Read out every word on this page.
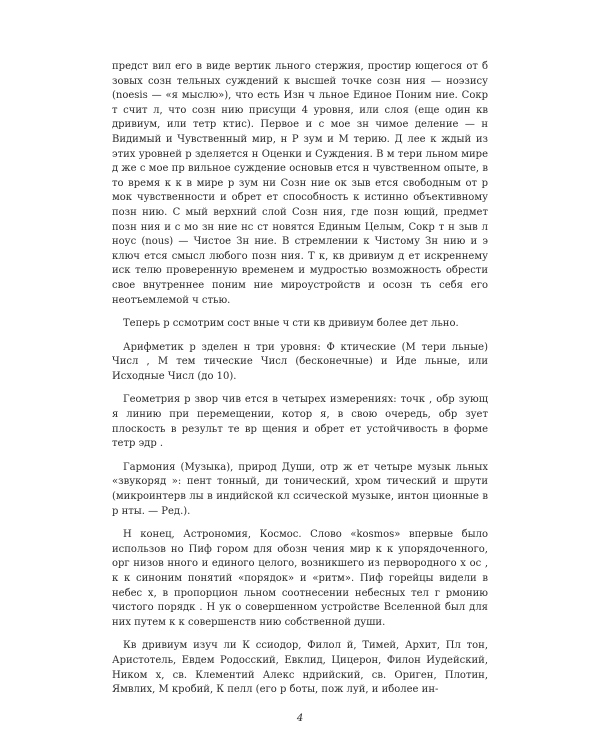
предст вил его в виде вертик льного стержия, простир ющегося от б зовых созн тельных суждений к высшей точке созн ния — ноэзису (noesis — «я мыслю»), что есть Изн ч льное Единое Поним ние. Сокр т счит л, что созн нию присущи 4 уровня, или слоя (еще один кв дривиум, или тетр ктис). Первое и с мое зн чимое деление — н Видимый и Чувственный мир, н Р зум и М терию. Д лее к ждый из этих уровней р зделяется н Оценки и Суждения. В м тери льном мире д же с мое пр вильное суждение основыв ется н чувственном опыте, в то время к к в мире р зум ни Созн ние ок зыв ется свободным от р мок чувственности и обрет ет способность к истинно объективному позн нию. С мый верхний слой Созн ния, где позн ющий, предмет позн ния и с мо зн ние нс ст новятся Единым Целым, Сокр т н зыв л ноус (nous) — Чистое Зн ние. В стремлении к Чистому Зн нию и э ключ ется смысл любого позн ния. Т к, кв дривиум д ет искреннему иск телю проверенную временем и мудростью возможность обрести свое внутреннее поним ние мироустройств и осозн ть себя его неотъемлемой ч стью.

Теперь р ссмотрим сост вные ч сти кв дривиум более дет льно.

Арифметик р зделен н три уровня: Ф ктические (М тери льные) Числ , М тем тические Числ (бесконечные) и Иде льные, или Исходные Числ (до 10).

Геометрия р звор чив ется в четырех измерениях: точк , обр зующ я линию при перемещении, котор я, в свою очередь, обр зует плоскость в результ те вр щения и обрет ет устойчивость в форме тетр эдр .

Гармония (Музыка), природ Души, отр ж ет четыре музык льных «звукоряд »: пент тонный, ди тонический, хром тический и шрути (микроинтерв лы в индийской кл ссической музыке, интон ционные в р нты. — Ред.).

Н конец, Астрономия, Космос. Слово «kosmos» впервые было использов но Пиф гором для обозн чения мир к к упорядоченного, орг низов нного и единого целого, возникшего из первородного х ос , к к синоним понятий «порядок» и «ритм». Пиф горейцы видели в небес х, в пропорцион льном соотнесении небесных тел г рмонию чистого порядк . Н ук о совершенном устройстве Вселенной был для них путем к к совершенств нию собственной души.

Кв дривиум изуч ли К ссиодор, Филол й, Тимей, Архит, Пл тон, Аристотель, Евдем Родосский, Евклид, Цицерон, Филон Иудейский, Ником х, св. Клементий Алекс ндрийский, св. Ориген, Плотин, Ямвлих, М кробий, К пелл (его р боты, пож луй, и иболее ин-

4
